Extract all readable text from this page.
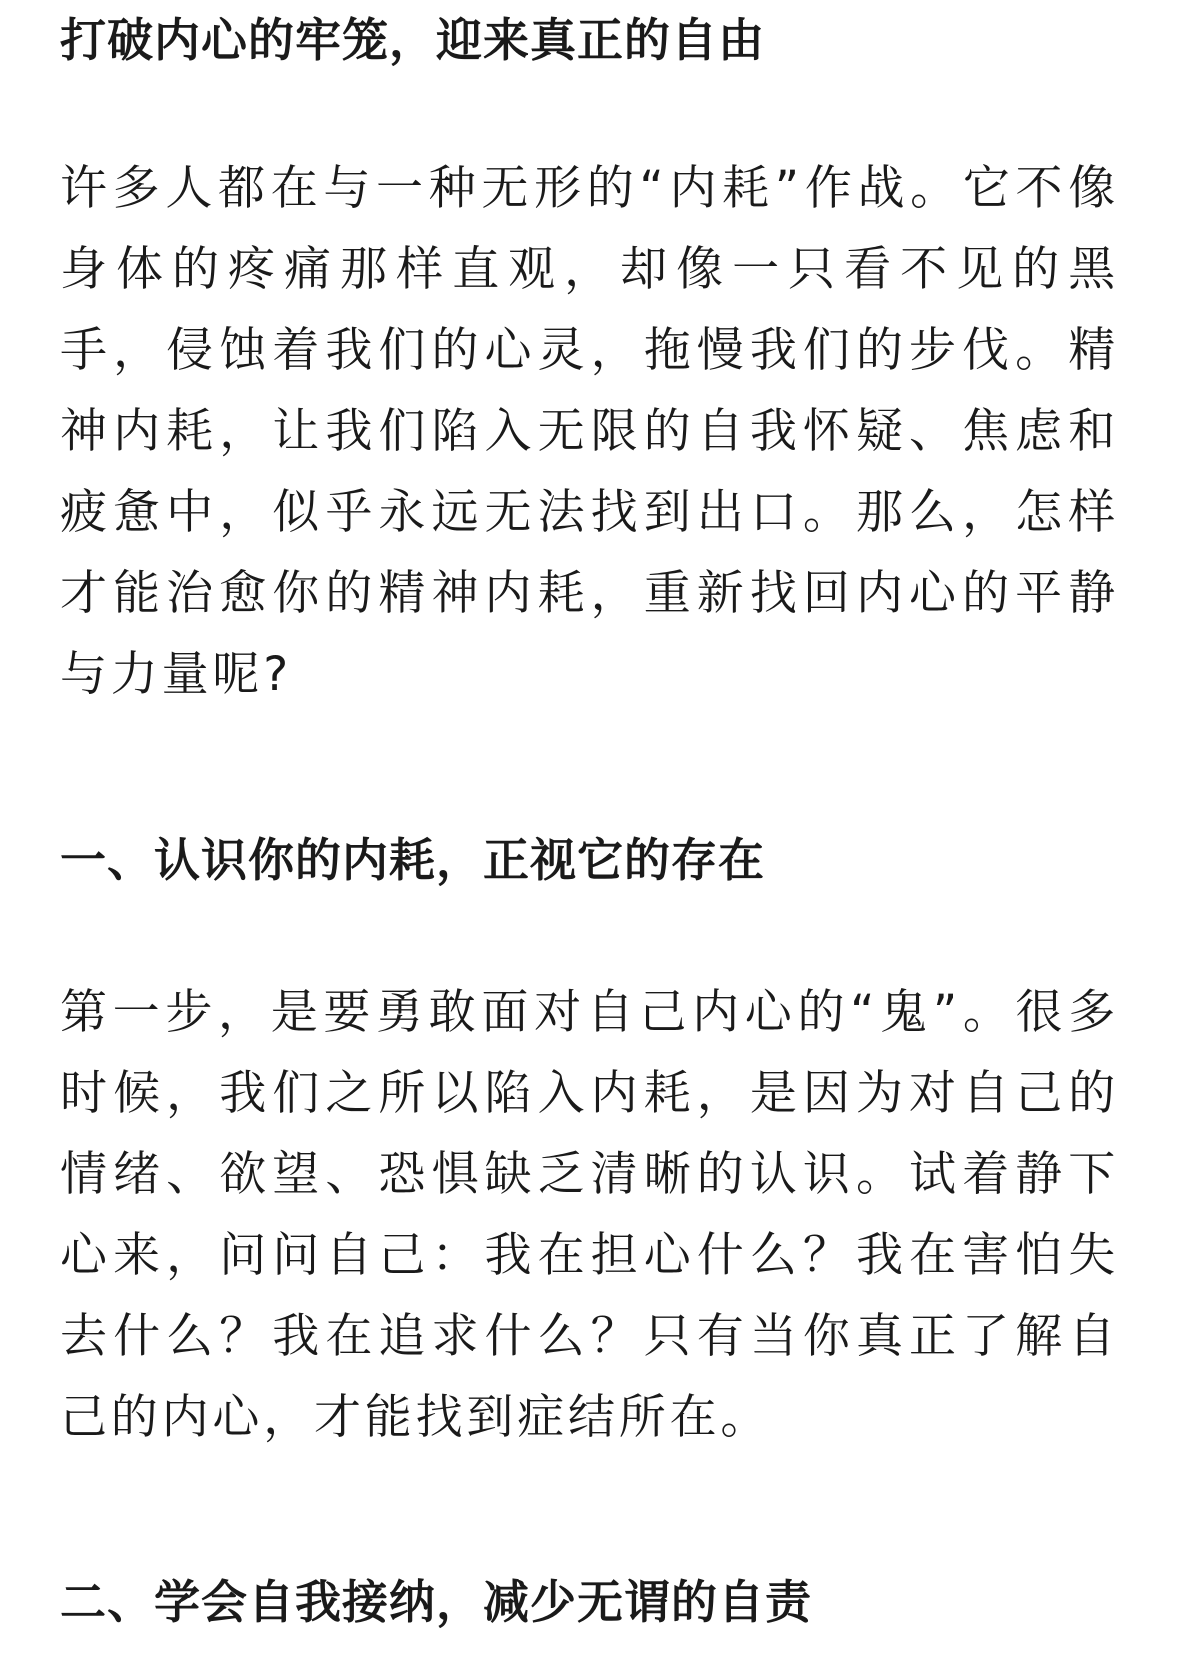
打破内心的牢笼，迎来真正的自由

许多人都在与一种无形的“内耗”作战。它不像身体的疼痛那样直观，却像一只看不见的黑手，侵蚀着我们的心灵，拖慢我们的步伐。精神内耗，让我们陷入无限的自我怀疑、焦虑和疲惫中，似乎永远无法找到出口。那么，怎样才能治愈你的精神内耗，重新找回内心的平静与力量呢?

一、认识你的内耗，正视它的存在

第一步，是要勇敢面对自己内心的“鬼”。很多时候，我们之所以陷入内耗，是因为对自己的情绪、欲望、恐惧缺乏清晰的认识。试着静下心来，问问自己：我在担心什么？我在害怕失去什么？我在追求什么？只有当你真正了解自己的内心，才能找到症结所在。

二、学会自我接纳，减少无谓的自责
